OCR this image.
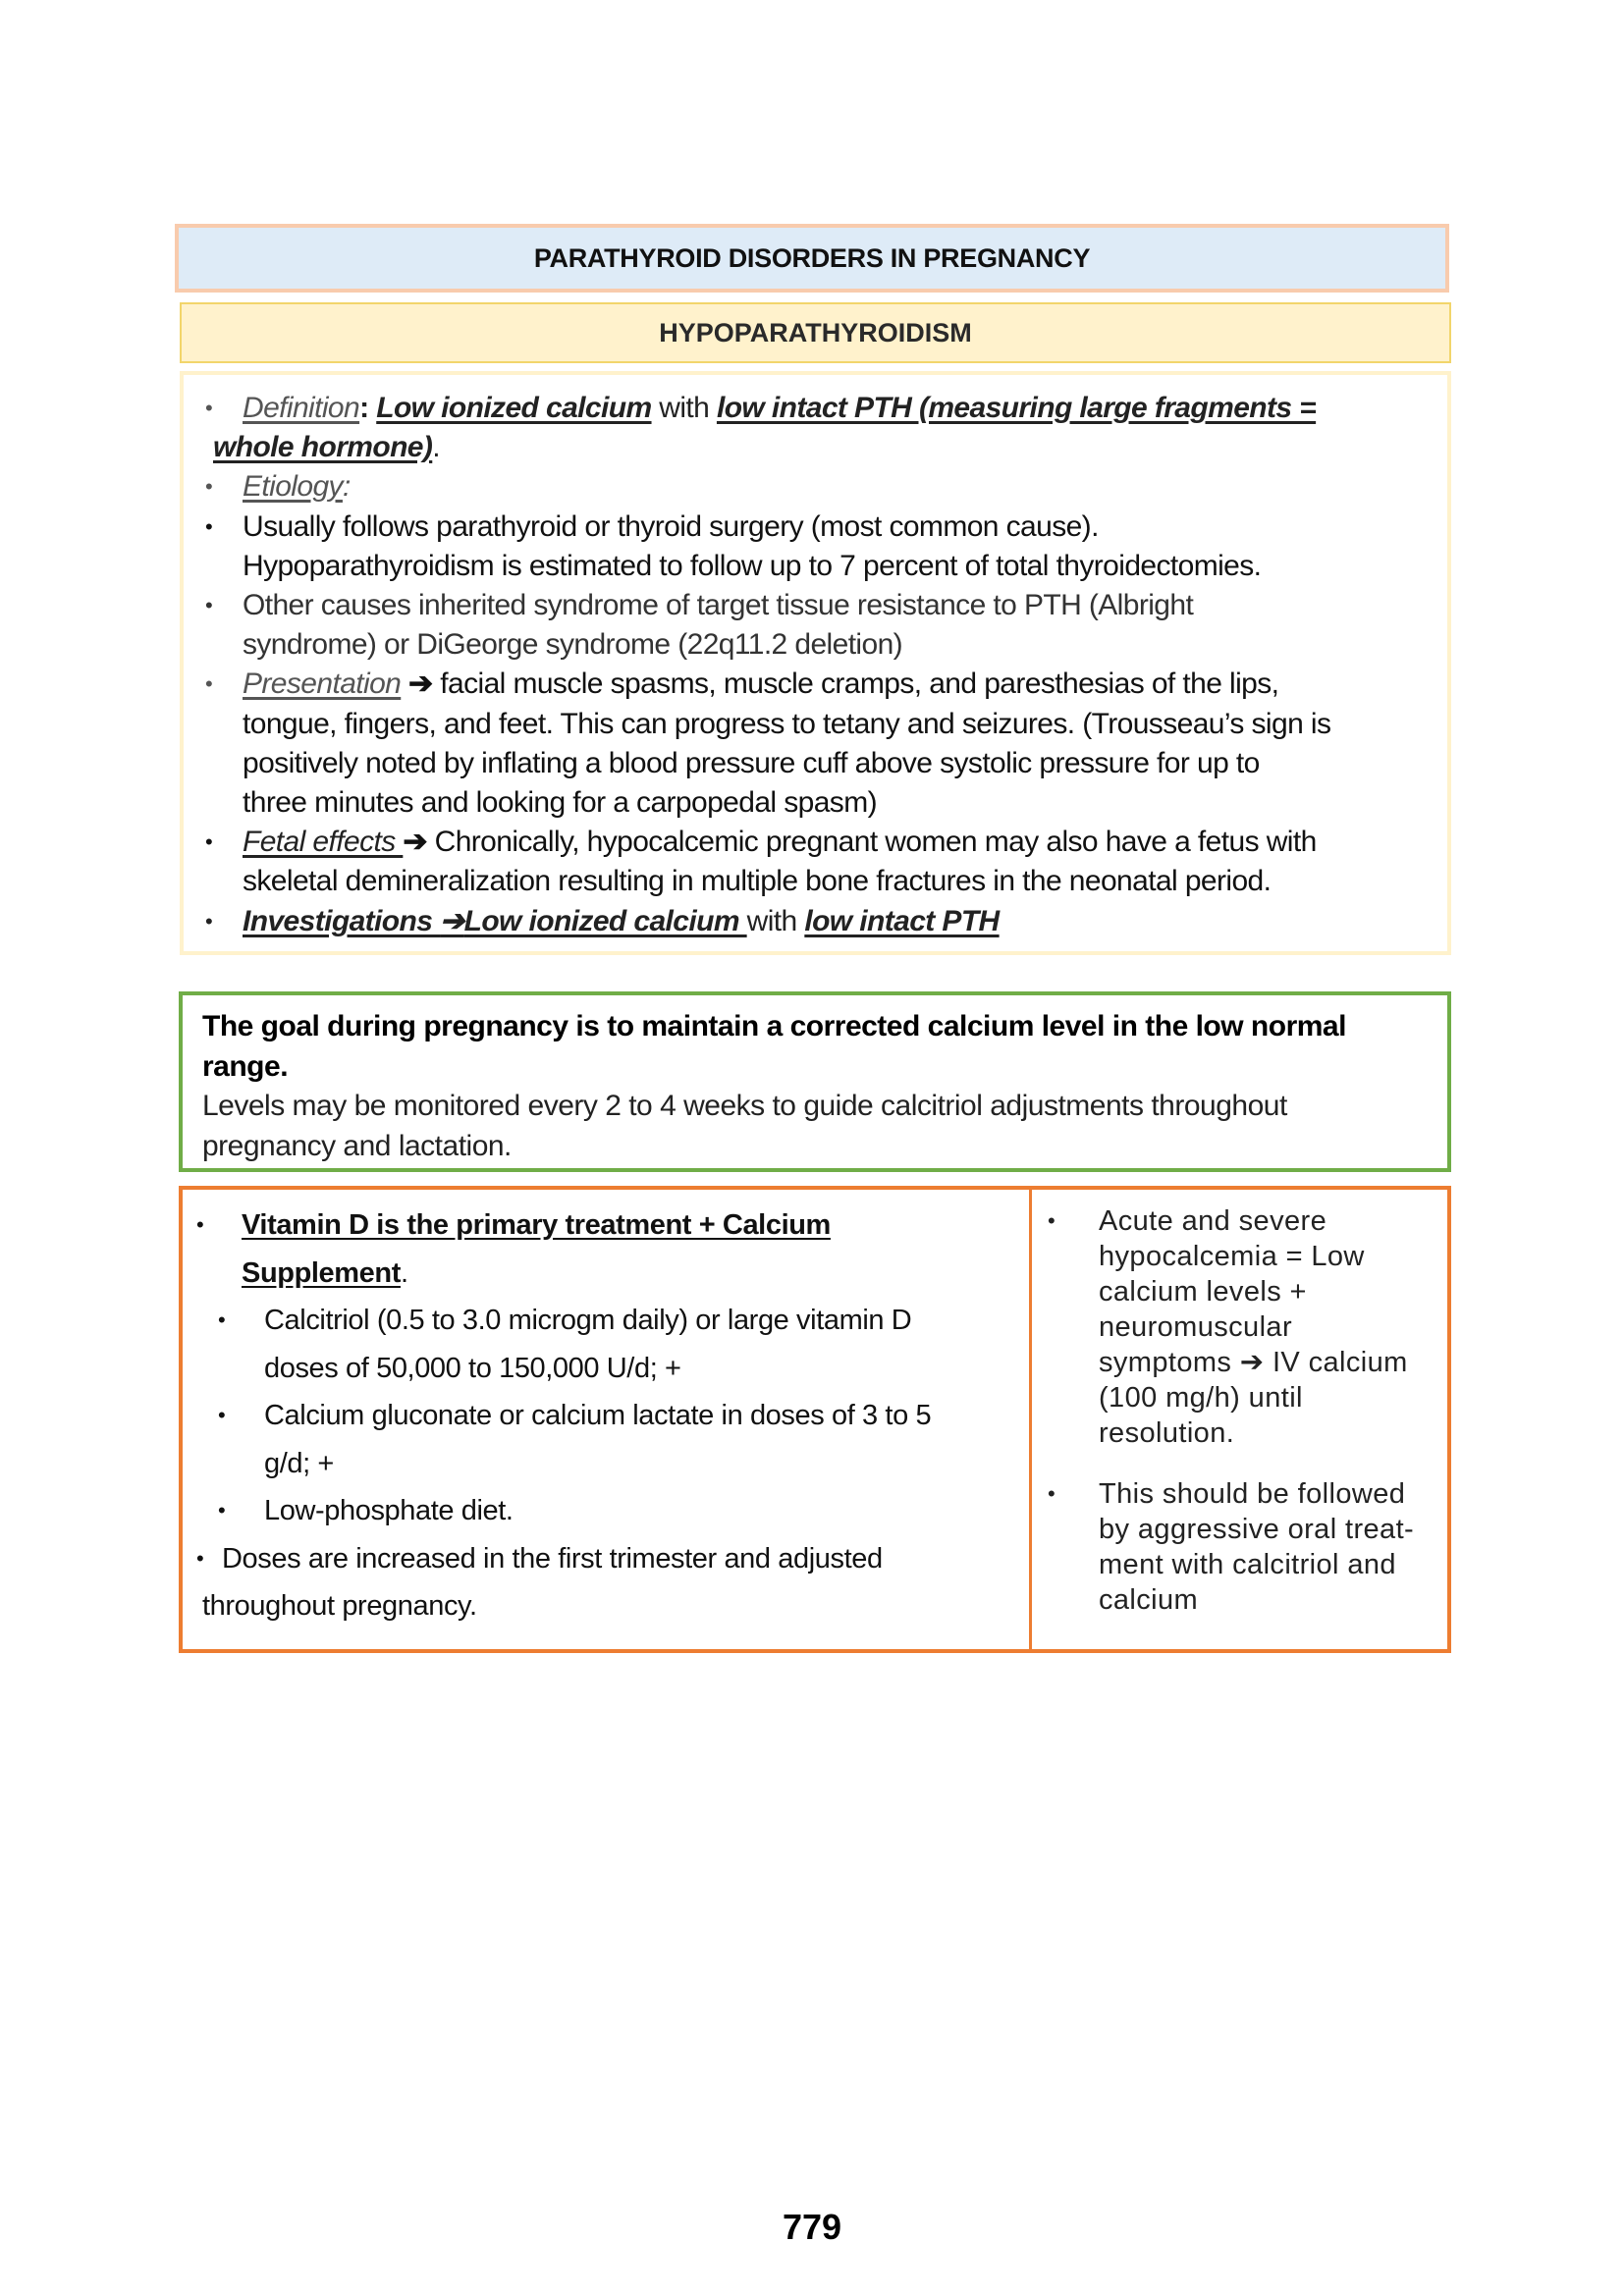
PARATHYROID DISORDERS IN PREGNANCY
HYPOPARATHYROIDISM
• Definition: Low ionized calcium with low intact PTH (measuring large fragments =
whole hormone).
• Etiology:
• Usually follows parathyroid or thyroid surgery (most common cause).
Hypoparathyroidism is estimated to follow up to 7 percent of total thyroidectomies.
• Other causes inherited syndrome of target tissue resistance to PTH (Albright
syndrome) or DiGeorge syndrome (22q11.2 deletion)
• Presentation ➔ facial muscle spasms, muscle cramps, and paresthesias of the lips,
tongue, fingers, and feet. This can progress to tetany and seizures. (Trousseau’s sign is
positively noted by inflating a blood pressure cuff above systolic pressure for up to
three minutes and looking for a carpopedal spasm)
• Fetal effects ➔ Chronically, hypocalcemic pregnant women may also have a fetus with
skeletal demineralization resulting in multiple bone fractures in the neonatal period.
• Investigations ➔Low ionized calcium with low intact PTH
The goal during pregnancy is to maintain a corrected calcium level in the low normal
range.
Levels may be monitored every 2 to 4 weeks to guide calcitriol adjustments throughout
pregnancy and lactation.
• Vitamin D is the primary treatment + Calcium
Supplement.
• Calcitriol (0.5 to 3.0 microgm daily) or large vitamin D
doses of 50,000 to 150,000 U/d; +
• Calcium gluconate or calcium lactate in doses of 3 to 5
g/d; +
• Low-phosphate diet.
• Doses are increased in the first trimester and adjusted
throughout pregnancy.
• Acute and severe
hypocalcemia = Low
calcium levels +
neuromuscular
symptoms ➔ IV calcium
(100 mg/h) until
resolution.
• This should be followed
by aggressive oral treat-
ment with calcitriol and
calcium
779
